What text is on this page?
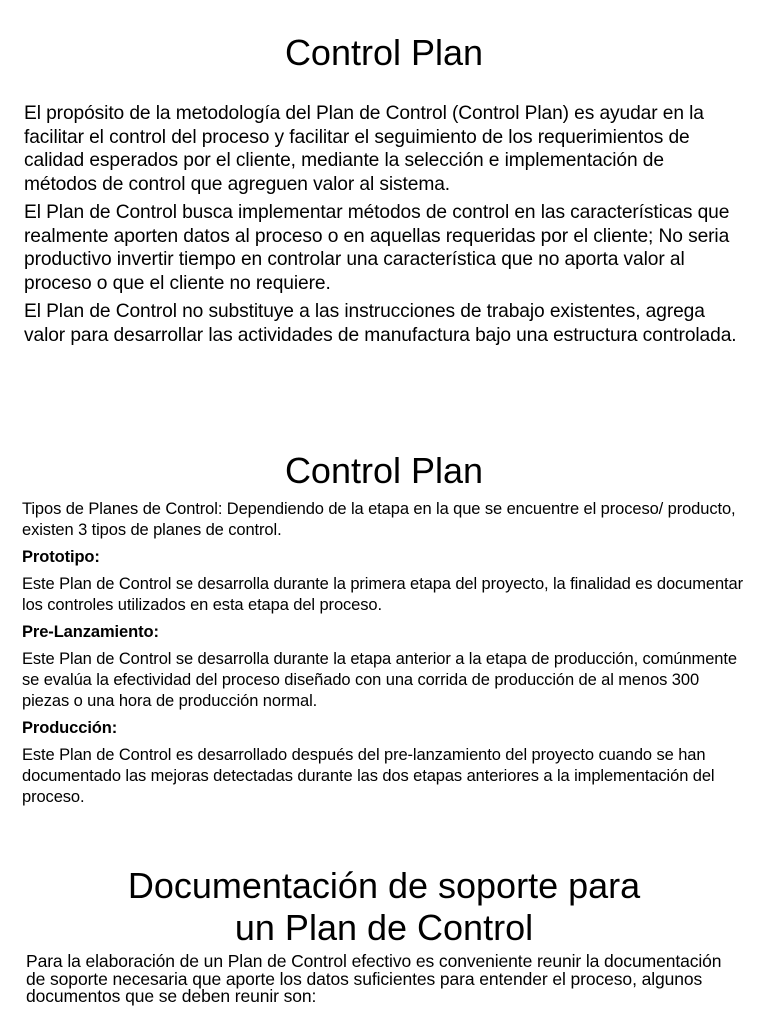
Control Plan

El propósito de la metodología del Plan de Control (Control Plan) es ayudar en la facilitar el control del proceso y facilitar el seguimiento de los requerimientos de calidad esperados por el cliente, mediante la selección e implementación de métodos de control que agreguen valor al sistema.

El Plan de Control busca implementar métodos de control en las características que realmente aporten datos al proceso o en aquellas requeridas por el cliente; No seria productivo invertir tiempo en controlar una característica que no aporta valor al proceso o que el cliente no requiere.

El Plan de Control no substituye a las instrucciones de trabajo existentes, agrega valor para desarrollar las actividades de manufactura bajo una estructura controlada.

Control Plan

Tipos de Planes de Control: Dependiendo de la etapa en la que se encuentre el proceso/ producto, existen 3 tipos de planes de control.

Prototipo:

Este Plan de Control se desarrolla durante la primera etapa del proyecto, la finalidad es documentar los controles utilizados en esta etapa del proceso.

Pre-Lanzamiento:

Este Plan de Control se desarrolla durante la etapa anterior a la etapa de producción, comúnmente se evalúa la efectividad del proceso diseñado con una corrida de producción de al menos 300 piezas o una hora de producción normal.

Producción:

Este Plan de Control es desarrollado después del pre-lanzamiento del proyecto cuando se han documentado las mejoras detectadas durante las dos etapas anteriores a la implementación del proceso.

Documentación de soporte para
un Plan de Control

Para la elaboración de un Plan de Control efectivo es conveniente reunir la documentación de soporte necesaria que aporte los datos suficientes para entender el proceso, algunos documentos que se deben reunir son:
